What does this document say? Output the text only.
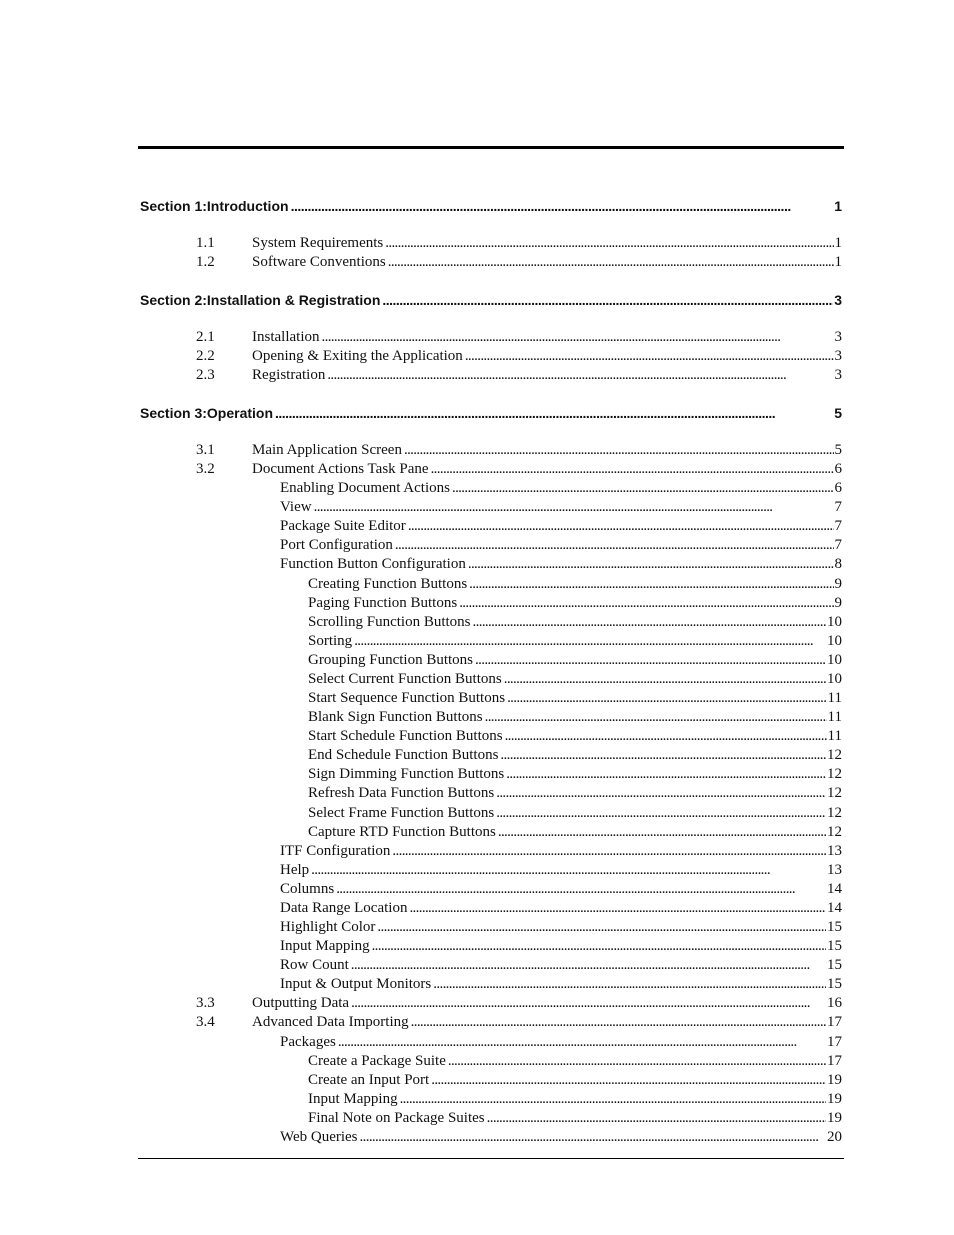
Section 1:Introduction . . .	1
1.1 System Requirements . . .	1
1.2 Software Conventions . . .	1
Section 2:Installation & Registration . . .	3
2.1 Installation . . .	3
2.2 Opening & Exiting the Application . . .	3
2.3 Registration . . .	3
Section 3:Operation . . .	5
3.1 Main Application Screen . . .	5
3.2 Document Actions Task Pane . . .	6
Enabling Document Actions . . .	6
View . . .	7
Package Suite Editor . . .	7
Port Configuration . . .	7
Function Button Configuration . . .	8
Creating Function Buttons . . .	9
Paging Function Buttons . . .	9
Scrolling Function Buttons . . .	10
Sorting . . .	10
Grouping Function Buttons . . .	10
Select Current Function Buttons . . .	10
Start Sequence Function Buttons . . .	11
Blank Sign Function Buttons . . .	11
Start Schedule Function Buttons . . .	11
End Schedule Function Buttons . . .	12
Sign Dimming Function Buttons . . .	12
Refresh Data Function Buttons . . .	12
Select Frame Function Buttons . . .	12
Capture RTD Function Buttons . . .	12
ITF Configuration . . .	13
Help . . .	13
Columns . . .	14
Data Range Location . . .	14
Highlight Color . . .	15
Input Mapping . . .	15
Row Count . . .	15
Input & Output Monitors . . .	15
3.3 Outputting Data . . .	16
3.4 Advanced Data Importing . . .	17
Packages . . .	17
Create a Package Suite . . .	17
Create an Input Port . . .	19
Input Mapping . . .	19
Final Note on Package Suites . . .	19
Web Queries . . .	20
